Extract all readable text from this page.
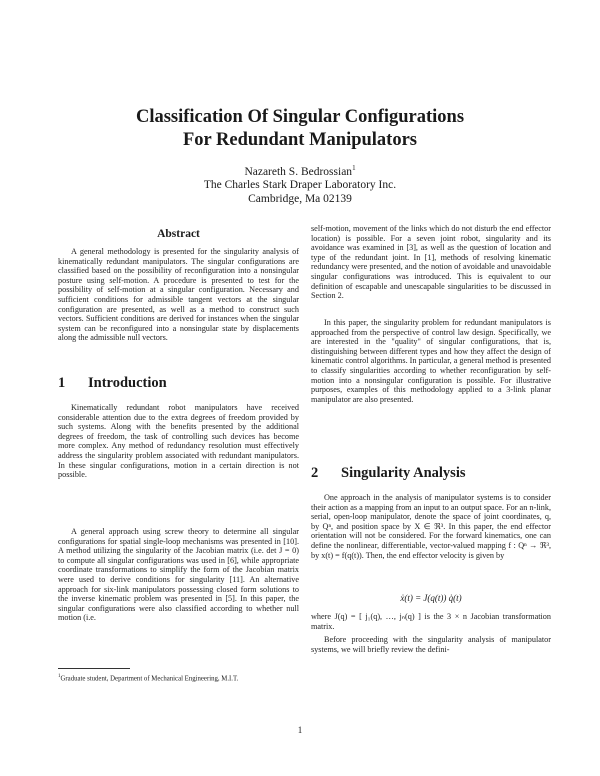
Classification Of Singular Configurations
For Redundant Manipulators
Nazareth S. Bedrossian$^1$
The Charles Stark Draper Laboratory Inc.
Cambridge, Ma 02139
Abstract

A general methodology is presented for the singularity analysis of kinematically redundant manipulators. The singular configurations are classified based on the possibility of reconfiguration into a nonsingular posture using self-motion. A procedure is presented to test for the possibility of self-motion at a singular configuration. Necessary and sufficient conditions for admissible tangent vectors at the singular configuration are presented, as well as a method to construct such vectors. Sufficient conditions are derived for instances when the singular system can be reconfigured into a nonsingular state by displacements along the admissible null vectors.

1 Introduction

Kinematically redundant robot manipulators have received considerable attention due to the extra degrees of freedom provided by such systems. Along with the benefits presented by the additional degrees of freedom, the task of controlling such devices has become more complex. Any method of redundancy resolution must effectively address the singularity problem associated with redundant manipulators. In these singular configurations, motion in a certain direction is not possible.

A general approach using screw theory to determine all singular configurations for spatial single-loop mechanisms was presented in [10]. A method utilizing the singularity of the Jacobian matrix (i.e. det J = 0) to compute all singular configurations was used in [6], while appropriate coordinate transformations to simplify the form of the Jacobian matrix were used to derive conditions for singularity [11]. An alternative approach for six-link manipulators possessing closed form solutions to the inverse kinematic problem was presented in [5]. In this paper, the singular configurations were also classified according to whether null motion (i.e.

$^1$Graduate student, Department of Mechanical Engineering, M.I.T.

self-motion, movement of the links which do not disturb the end effector location) is possible. For a seven joint robot, singularity and its avoidance was examined in [3], as well as the question of location and type of the redundant joint. In [1], methods of resolving kinematic redundancy were presented, and the notion of avoidable and unavoidable singular configurations was introduced. This is equivalent to our definition of escapable and unescapable singularities to be discussed in Section 2.

In this paper, the singularity problem for redundant manipulators is approached from the perspective of control law design. Specifically, we are interested in the "quality" of singular configurations, that is, distinguishing between different types and how they affect the design of kinematic control algorithms. In particular, a general method is presented to classify singularities according to whether reconfiguration by self-motion into a nonsingular configuration is possible. For illustrative purposes, examples of this methodology applied to a 3-link planar manipulator are also presented.

2 Singularity Analysis

One approach in the analysis of manipulator systems is to consider their action as a mapping from an input to an output space. For an n-link, serial, open-loop manipulator, denote the space of joint coordinates, q, by Qⁿ, and position space by X ∈ ℜ³. In this paper, the end effector orientation will not be considered. For the forward kinematics, one can define the nonlinear, differentiable, vector-valued mapping f : Qⁿ → ℜ³, by x(t) = f(q(t)). Then, the end effector velocity is given by

ẋ(t) = J(q(t)) q̇(t)

where J(q) = [ j₁(q), …, jₙ(q) ] is the 3 × n Jacobian transformation matrix.

Before proceeding with the singularity analysis of manipulator systems, we will briefly review the defini-

1
